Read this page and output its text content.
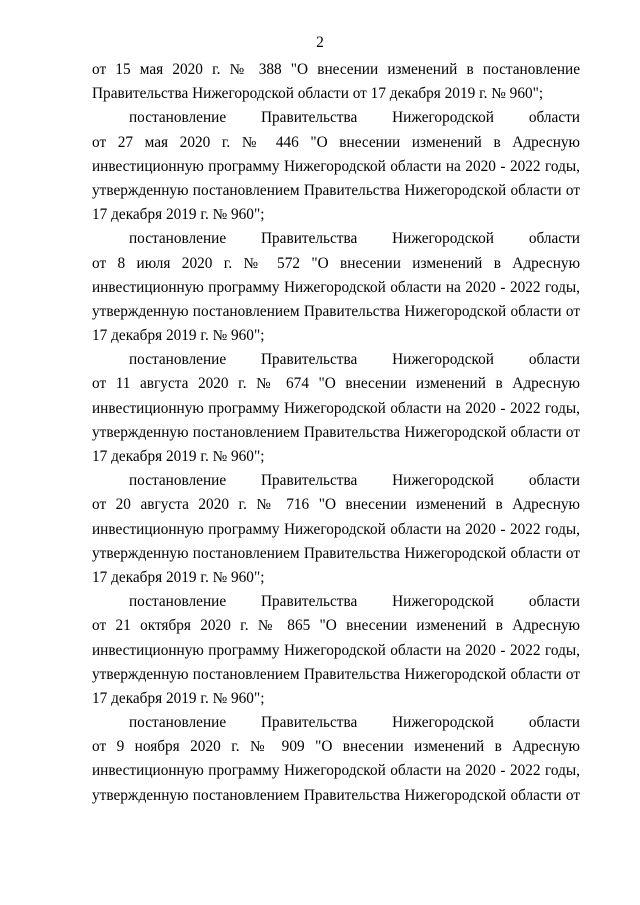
2
от 15 мая 2020 г. № 388 "О внесении изменений в постановление
Правительства Нижегородской области от 17 декабря 2019 г. № 960";
постановление Правительства Нижегородской области
от 27 мая 2020 г. № 446 "О внесении изменений в Адресную
инвестиционную программу Нижегородской области на 2020 - 2022 годы,
утвержденную постановлением Правительства Нижегородской области от
17 декабря 2019 г. № 960";
постановление Правительства Нижегородской области
от 8 июля 2020 г. № 572 "О внесении изменений в Адресную
инвестиционную программу Нижегородской области на 2020 - 2022 годы,
утвержденную постановлением Правительства Нижегородской области от
17 декабря 2019 г. № 960";
постановление Правительства Нижегородской области
от 11 августа 2020 г. № 674 "О внесении изменений в Адресную
инвестиционную программу Нижегородской области на 2020 - 2022 годы,
утвержденную постановлением Правительства Нижегородской области от
17 декабря 2019 г. № 960";
постановление Правительства Нижегородской области
от 20 августа 2020 г. № 716 "О внесении изменений в Адресную
инвестиционную программу Нижегородской области на 2020 - 2022 годы,
утвержденную постановлением Правительства Нижегородской области от
17 декабря 2019 г. № 960";
постановление Правительства Нижегородской области
от 21 октября 2020 г. № 865 "О внесении изменений в Адресную
инвестиционную программу Нижегородской области на 2020 - 2022 годы,
утвержденную постановлением Правительства Нижегородской области от
17 декабря 2019 г. № 960";
постановление Правительства Нижегородской области
от 9 ноября 2020 г. № 909 "О внесении изменений в Адресную
инвестиционную программу Нижегородской области на 2020 - 2022 годы,
утвержденную постановлением Правительства Нижегородской области от
